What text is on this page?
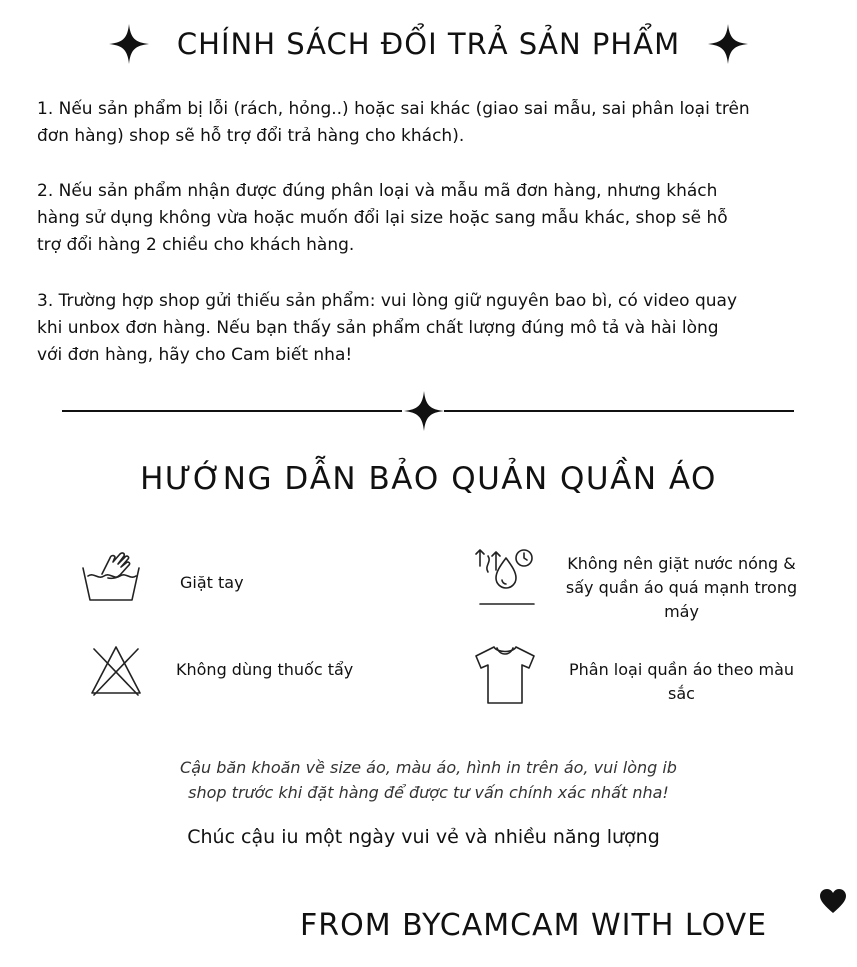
CHÍNH SÁCH ĐỔI TRẢ SẢN PHẨM
1. Nếu sản phẩm bị lỗi (rách, hỏng..) hoặc sai khác (giao sai mẫu, sai phân loại trên
đơn hàng) shop sẽ hỗ trợ đổi trả hàng cho khách).
2. Nếu sản phẩm nhận được đúng phân loại và mẫu mã đơn hàng, nhưng khách
hàng sử dụng không vừa hoặc muốn đổi lại size hoặc sang mẫu khác, shop sẽ hỗ
trợ đổi hàng 2 chiều cho khách hàng.
3. Trường hợp shop gửi thiếu sản phẩm: vui lòng giữ nguyên bao bì, có video quay
khi unbox đơn hàng. Nếu bạn thấy sản phẩm chất lượng đúng mô tả và hài lòng
với đơn hàng, hãy cho Cam biết nha!
HƯỚNG DẪN BẢO QUẢN QUẦN ÁO
Giặt tay
Không nên giặt nước nóng &
sấy quần áo quá mạnh trong
máy
Không dùng thuốc tẩy	Phân loại quần áo theo màu
sắc
Cậu băn khoăn về size áo, màu áo, hình in trên áo, vui lòng ib
shop trước khi đặt hàng để được tư vấn chính xác nhất nha!
Chúc cậu iu một ngày vui vẻ và nhiều năng lượng
FROM BYCAMCAM WITH LOVE
